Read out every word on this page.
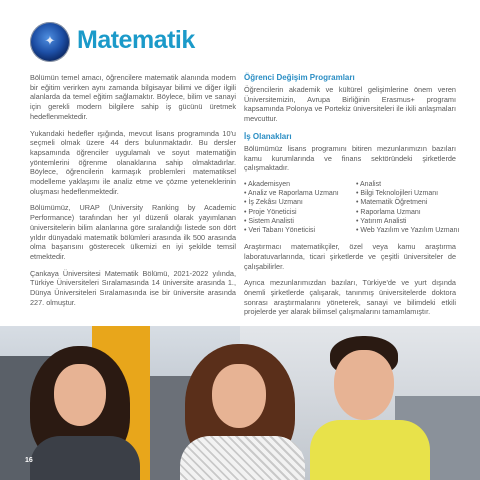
✦ Matematik

Bölümün temel amacı, öğrencilere matematik alanında modern bir eğitim verirken aynı zamanda bilgisayar bilimi ve diğer ilgili alanlarda da temel eğitim sağlamaktır. Böylece, bilim ve sanayi için gerekli modern bilgilere sahip iş gücünü üretmek hedeflenmektedir.

Yukarıdaki hedefler ışığında, mevcut lisans programında 10'u seçmeli olmak üzere 44 ders bulunmaktadır. Bu dersler kapsamında öğrenciler uygulamalı ve soyut matematiğin yöntemlerini öğrenme olanaklarına sahip olmaktadırlar. Böylece, öğrencilerin karmaşık problemleri matematiksel modelleme yaklaşımı ile analiz etme ve çözme yeteneklerinin oluşması hedeflenmektedir.

Bölümümüz, URAP (University Ranking by Academic Performance) tarafından her yıl düzenli olarak yayımlanan üniversitelerin bilim alanlarına göre sıralandığı listede son dört yıldır dünyadaki matematik bölümleri arasında ilk 500 arasında olma başarısını gösterecek ülkemizi en iyi şekilde temsil etmektedir.

Çankaya Üniversitesi Matematik Bölümü, 2021-2022 yılında, Türkiye Üniversiteleri Sıralamasında 14 üniversite arasında 1., Dünya Üniversiteleri Sıralamasında ise bir üniversite arasında 227. olmuştur.

Öğrenci Değişim Programları

Öğrencilerin akademik ve kültürel gelişimlerine önem veren Üniversitemizin, Avrupa Birliğinin Erasmus+ programı kapsamında Polonya ve Portekiz üniversiteleri ile ikili anlaşmaları mevcuttur.

İş Olanakları

Bölümümüz lisans programını bitiren mezunlarımızın bazıları kamu kurumlarında ve finans sektöründeki şirketlerde çalışmaktadır.

• Akademisyen	• Analist
• Analiz ve Raporlama Uzmanı	• Bilgi Teknolojileri Uzmanı
• İş Zekâsı Uzmanı	• Matematik Öğretmeni
• Proje Yöneticisi	• Raporlama Uzmanı
• Sistem Analisti	• Yatırım Analisti
• Veri Tabanı Yöneticisi	• Web Yazılım ve Yazılım Uzmanı

Araştırmacı matematikçiler, özel veya kamu araştırma laboratuvarlarında, ticari şirketlerde ve çeşitli üniversiteler de çalışabilirler.

Ayrıca mezunlarımızdan bazıları, Türkiye'de ve yurt dışında önemli şirketlerde çalışarak, tanınmış üniversitelerde doktora sonrası araştırmalarını yöneterek, sanayi ve bilimdeki etkili projelerde yer alarak bilimsel çalışmalarını tamamlamıştır.

16
